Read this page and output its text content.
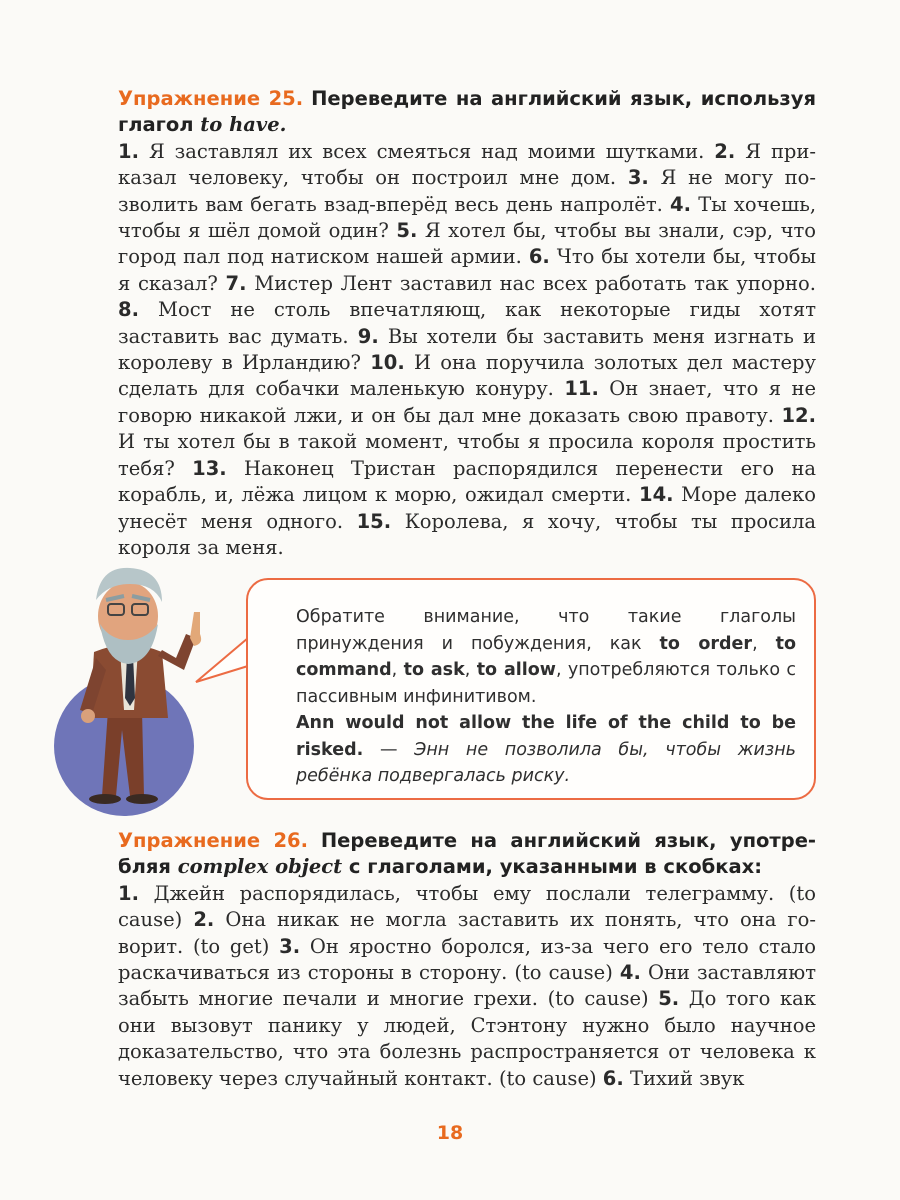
Упражнение 25. Переведите на английский язык, используя глагол to have.
1. Я заставлял их всех смеяться над моими шутками. 2. Я приказал человеку, чтобы он построил мне дом. 3. Я не могу позволить вам бегать взад-вперёд весь день напролёт. 4. Ты хочешь, чтобы я шёл домой один? 5. Я хотел бы, чтобы вы знали, сэр, что город пал под натиском нашей армии. 6. Что бы хотели бы, чтобы я сказал? 7. Мистер Лент заставил нас всех работать так упорно. 8. Мост не столь впечатляющ, как некоторые гиды хотят заставить вас думать. 9. Вы хотели бы заставить меня изгнать и королеву в Ирландию? 10. И она поручила золотых дел мастеру сделать для собачки маленькую конуру. 11. Он знает, что я не говорю никакой лжи, и он бы дал мне доказать свою правоту. 12. И ты хотел бы в такой момент, чтобы я просила короля простить тебя? 13. Наконец Тристан распорядился перенести его на корабль, и, лёжа лицом к морю, ожидал смерти. 14. Море далеко унесёт меня одного. 15. Королева, я хочу, чтобы ты просила короля за меня.
Обратите внимание, что такие глаголы принуждения и побуждения, как to order, to command, to ask, to allow, употребляются только с пассивным инфинитивом.
Ann would not allow the life of the child to be risked. — Энн не позволила бы, чтобы жизнь ребёнка подвергалась риску.
Упражнение 26. Переведите на английский язык, употребляя complex object с глаголами, указанными в скобках:
1. Джейн распорядилась, чтобы ему послали телеграмму. (to cause) 2. Она никак не могла заставить их понять, что она говорит. (to get) 3. Он яростно боролся, из-за чего его тело стало раскачиваться из стороны в сторону. (to cause) 4. Они заставляют забыть многие печали и многие грехи. (to cause) 5. До того как они вызовут панику у людей, Стэнтону нужно было научное доказательство, что эта болезнь распространяется от человека к человеку через случайный контакт. (to cause) 6. Тихий звук
18
